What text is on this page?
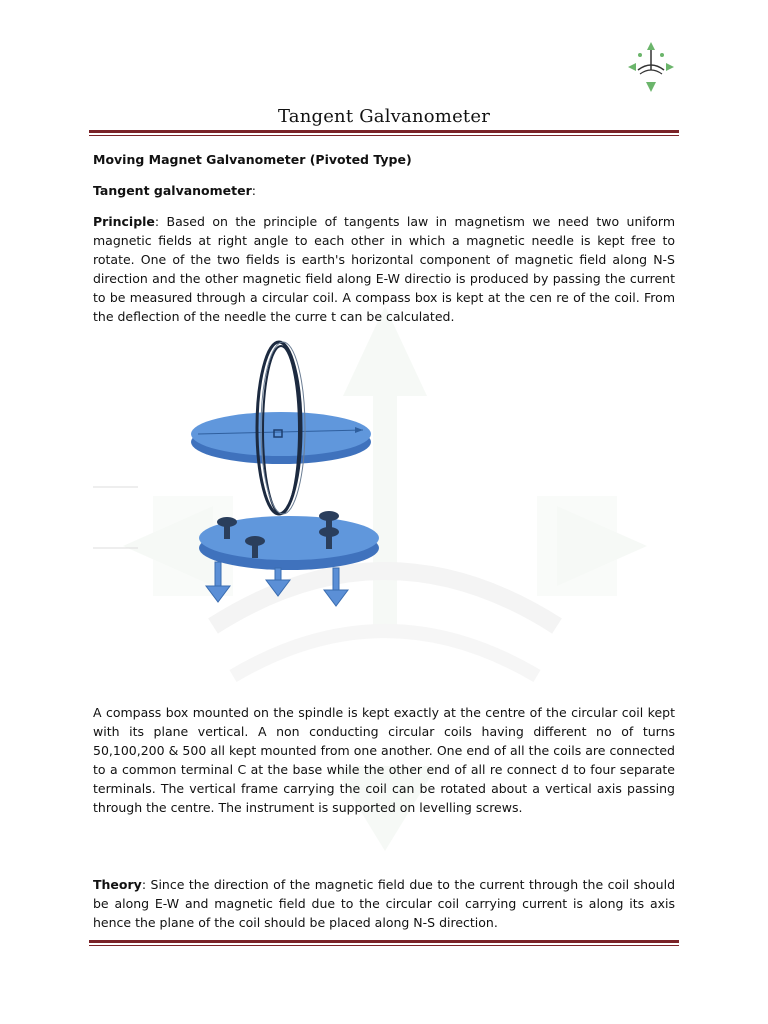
Tangent Galvanometer
Moving Magnet Galvanometer (Pivoted Type)
Tangent galvanometer:
Principle: Based on the principle of tangents law in magnetism we need two uniform magnetic fields at right angle to each other in which a magnetic needle is kept free to rotate. One of the two fields is earth's horizontal component of magnetic field along N-S direction and the other magnetic field along E-W directio is produced by passing the current to be measured through a circular coil. A compass box is kept at the cen re of the coil. From the deflection of the needle the curre t can be calculated.
A compass box mounted on the spindle is kept exactly at the centre of the circular coil kept with its plane vertical. A non conducting circular coils having different no of turns 50,100,200 & 500 all kept mounted from one another. One end of all the coils are connected to a common terminal C at the base while the other end of all re connect d to four separate terminals. The vertical frame carrying the coil can be rotated about a vertical axis passing through the centre. The instrument is supported on levelling screws.
Theory: Since the direction of the magnetic field due to the current through the coil should be along E-W and magnetic field due to the circular coil carrying current is along its axis hence the plane of the coil should be placed along N-S direction.
